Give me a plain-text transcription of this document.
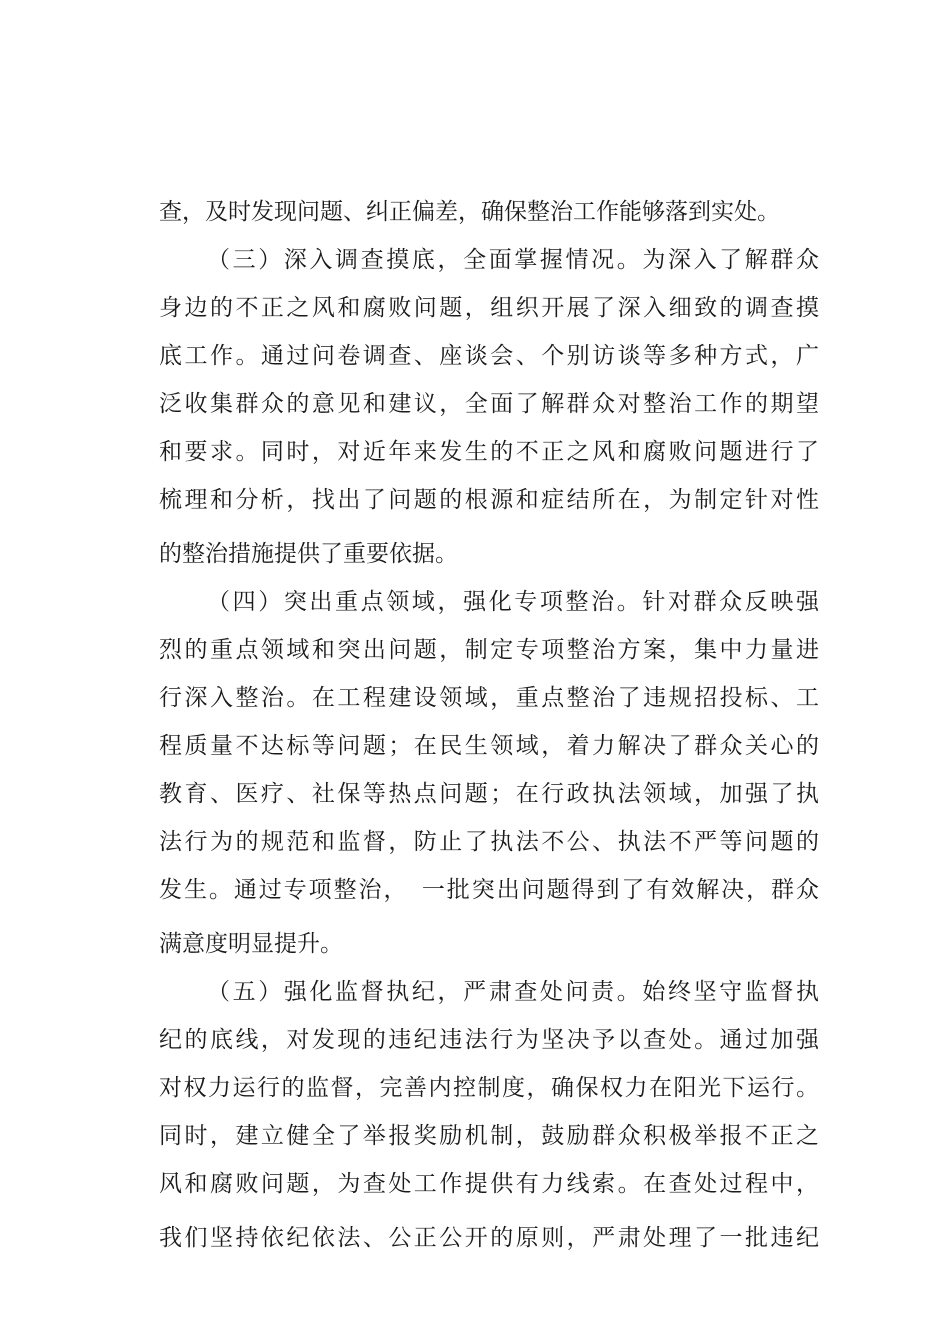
查，及时发现问题、纠正偏差，确保整治工作能够落到实处。
（三）深入调查摸底，全面掌握情况。为深入了解群众
身边的不正之风和腐败问题，组织开展了深入细致的调查摸
底工作。通过问卷调查、座谈会、个别访谈等多种方式，广
泛收集群众的意见和建议，全面了解群众对整治工作的期望
和要求。同时，对近年来发生的不正之风和腐败问题进行了
梳理和分析，找出了问题的根源和症结所在，为制定针对性
的整治措施提供了重要依据。
（四）突出重点领域，强化专项整治。针对群众反映强
烈的重点领域和突出问题，制定专项整治方案，集中力量进
行深入整治。在工程建设领域，重点整治了违规招投标、工
程质量不达标等问题；在民生领域，着力解决了群众关心的
教育、医疗、社保等热点问题；在行政执法领域，加强了执
法行为的规范和监督，防止了执法不公、执法不严等问题的
发生。通过专项整治，　一批突出问题得到了有效解决，群众
满意度明显提升。
（五）强化监督执纪，严肃查处问责。始终坚守监督执
纪的底线，对发现的违纪违法行为坚决予以查处。通过加强
对权力运行的监督，完善内控制度，确保权力在阳光下运行。
同时，建立健全了举报奖励机制，鼓励群众积极举报不正之
风和腐败问题，为查处工作提供有力线索。在查处过程中，
我们坚持依纪依法、公正公开的原则，严肃处理了一批违纪
